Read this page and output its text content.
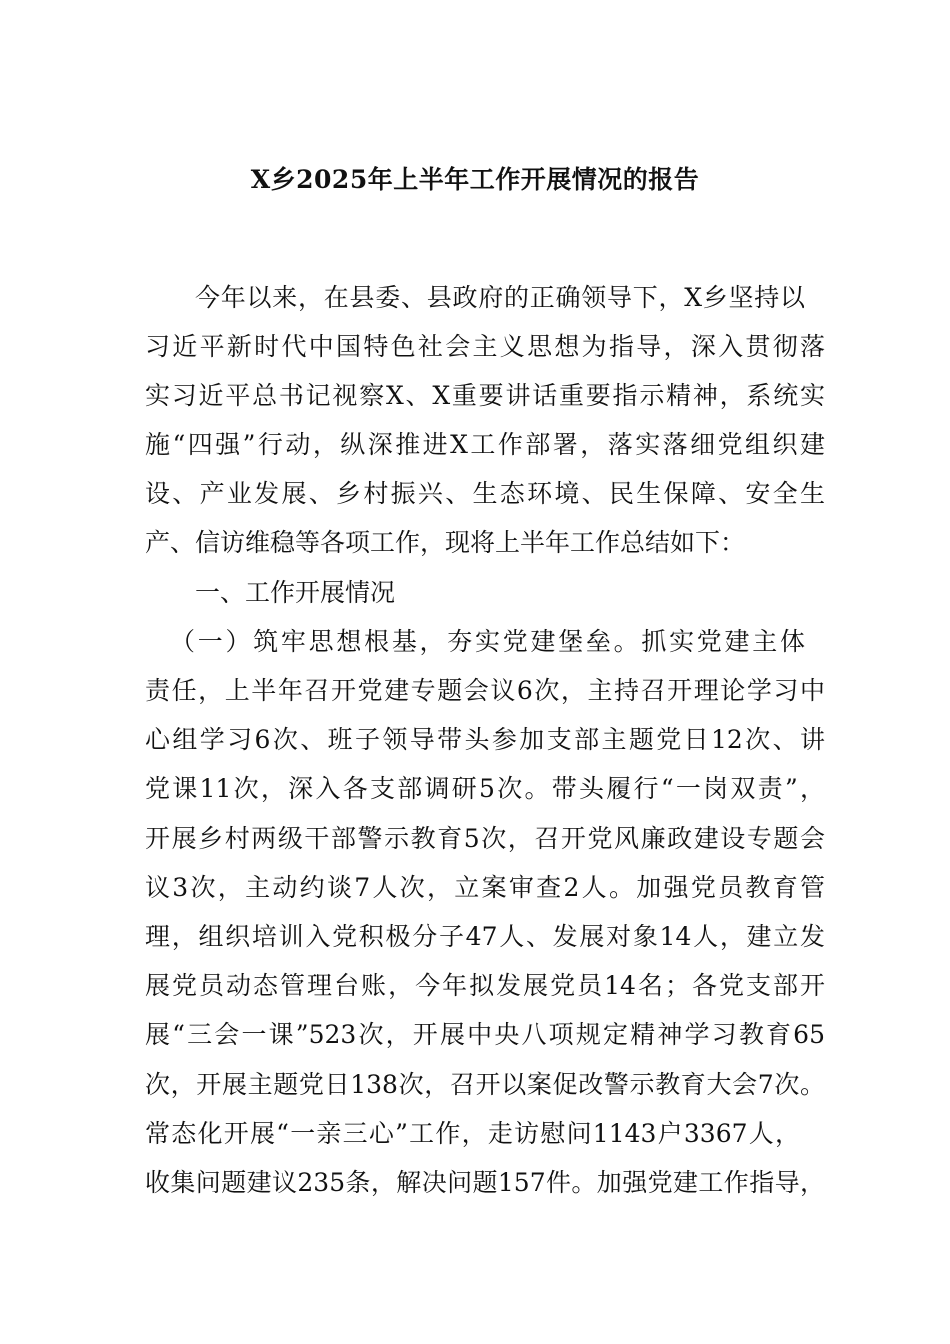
X乡2025年上半年工作开展情况的报告
今年以来，在县委、县政府的正确领导下，X乡坚持以
习近平新时代中国特色社会主义思想为指导，深入贯彻落
实习近平总书记视察X、X重要讲话重要指示精神，系统实
施“四强”行动，纵深推进X工作部署，落实落细党组织建
设、产业发展、乡村振兴、生态环境、民生保障、安全生
产、信访维稳等各项工作，现将上半年工作总结如下：
一、工作开展情况
（一）筑牢思想根基，夯实党建堡垒。抓实党建主体
责任，上半年召开党建专题会议6次，主持召开理论学习中
心组学习6次、班子领导带头参加支部主题党日12次、讲
党课11次，深入各支部调研5次。带头履行“一岗双责”，
开展乡村两级干部警示教育5次，召开党风廉政建设专题会
议3次，主动约谈7人次，立案审查2人。加强党员教育管
理，组织培训入党积极分子47人、发展对象14人，建立发
展党员动态管理台账，今年拟发展党员14名；各党支部开
展“三会一课”523次，开展中央八项规定精神学习教育65
次，开展主题党日138次，召开以案促改警示教育大会7次。
常态化开展“一亲三心”工作，走访慰问1143户3367人，
收集问题建议235条，解决问题157件。加强党建工作指导，
